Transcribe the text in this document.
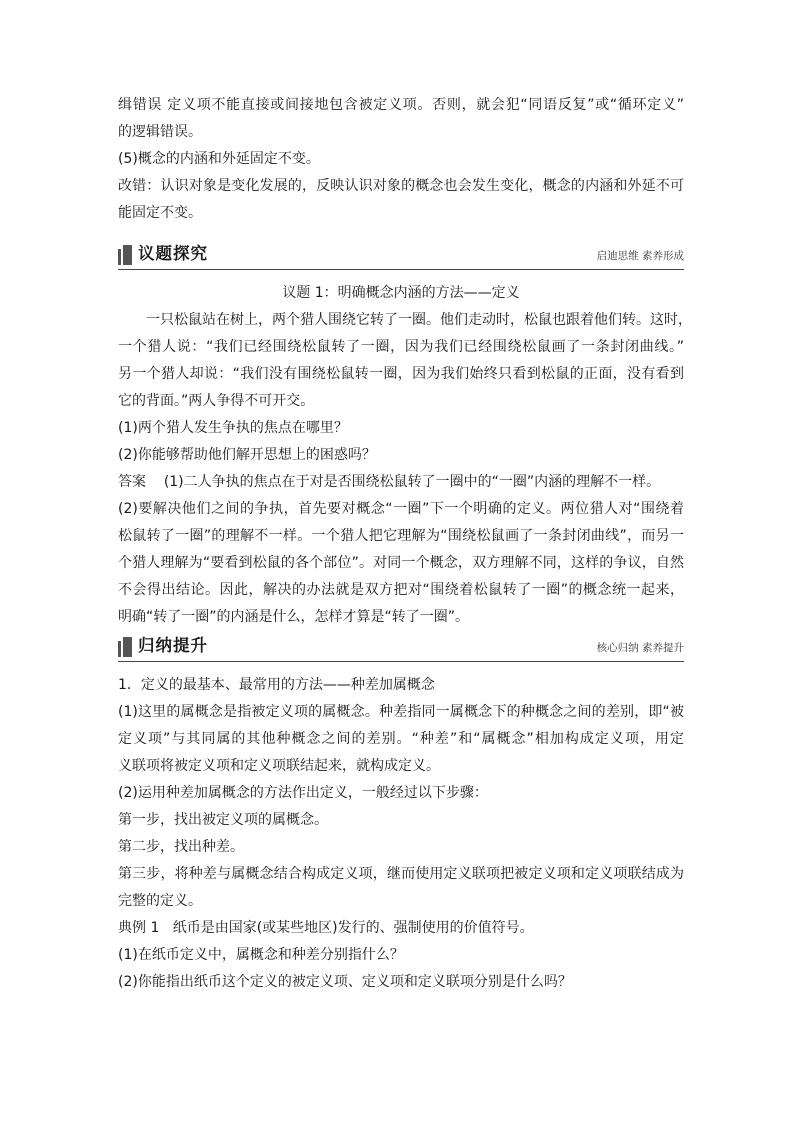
缉错误 定义项不能直接或间接地包含被定义项。否则，就会犯“同语反复”或“循环定义”
的逻辑错误。
(5)概念的内涵和外延固定不变。
改错：认识对象是变化发展的，反映认识对象的概念也会发生变化，概念的内涵和外延不可
能固定不变。
议题探究	启迪思维 素养形成
议题 1：明确概念内涵的方法——定义
一只松鼠站在树上，两个猎人围绕它转了一圈。他们走动时，松鼠也跟着他们转。这时，
一个猎人说：“我们已经围绕松鼠转了一圈，因为我们已经围绕松鼠画了一条封闭曲线。”
另一个猎人却说：“我们没有围绕松鼠转一圈，因为我们始终只看到松鼠的正面，没有看到
它的背面。”两人争得不可开交。
(1)两个猎人发生争执的焦点在哪里？
(2)你能够帮助他们解开思想上的困惑吗？
答案 (1)二人争执的焦点在于对是否围绕松鼠转了一圈中的“一圈”内涵的理解不一样。
(2)要解决他们之间的争执，首先要对概念“一圈”下一个明确的定义。两位猎人对“围绕着
松鼠转了一圈”的理解不一样。一个猎人把它理解为“围绕松鼠画了一条封闭曲线”，而另一
个猎人理解为“要看到松鼠的各个部位”。对同一个概念，双方理解不同，这样的争议，自然
不会得出结论。因此，解决的办法就是双方把对“围绕着松鼠转了一圈”的概念统一起来，
明确“转了一圈”的内涵是什么，怎样才算是“转了一圈”。
归纳提升	核心归纳 素养提升
1．定义的最基本、最常用的方法——种差加属概念
(1)这里的属概念是指被定义项的属概念。种差指同一属概念下的种概念之间的差别，即“被
定义项”与其同属的其他种概念之间的差别。“种差”和“属概念”相加构成定义项，用定
义联项将被定义项和定义项联结起来，就构成定义。
(2)运用种差加属概念的方法作出定义，一般经过以下步骤：
第一步，找出被定义项的属概念。
第二步，找出种差。
第三步，将种差与属概念结合构成定义项，继而使用定义联项把被定义项和定义项联结成为
完整的定义。
典例 1 纸币是由国家(或某些地区)发行的、强制使用的价值符号。
(1)在纸币定义中，属概念和种差分别指什么？
(2)你能指出纸币这个定义的被定义项、定义项和定义联项分别是什么吗？
